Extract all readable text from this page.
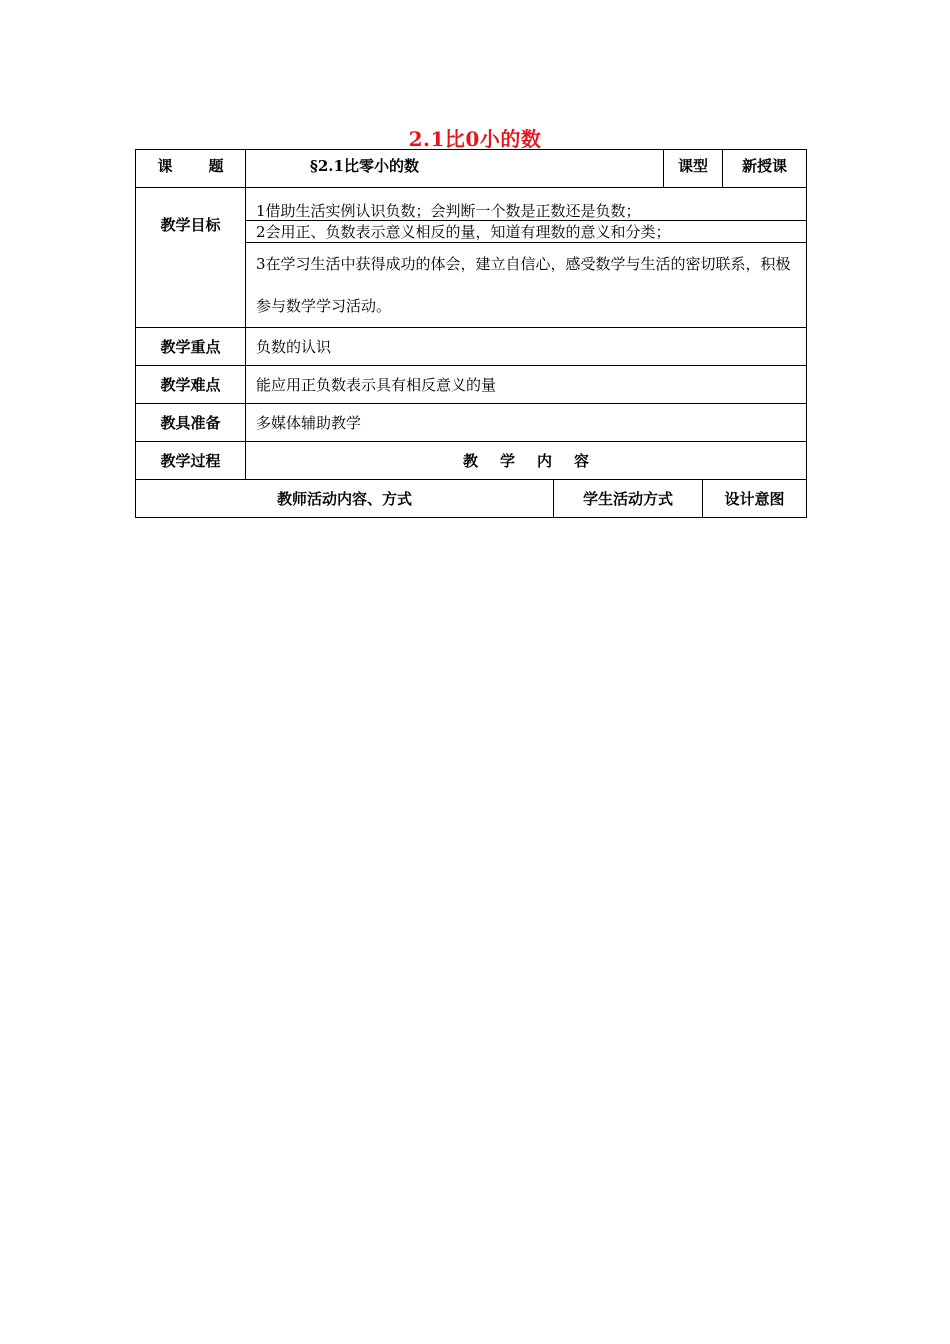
2.1比0小的数
课 题	§2.1比零小的数		课型		新授课
教学目标	1借助生活实例认识负数；会判断一个数是正数还是负数；				
	2会用正、负数表示意义相反的量，知道有理数的意义和分类；				
	3在学习生活中获得成功的体会，建立自信心，感受数学与生活的密切联系，积极参与数学学习活动。				
教学重点	负数的认识				
教学难点	能应用正负数表示具有相反意义的量				
教具准备	多媒体辅助教学				
教学过程	教 学 内 容				
教师活动内容、方式		学生活动方式		设计意图	
